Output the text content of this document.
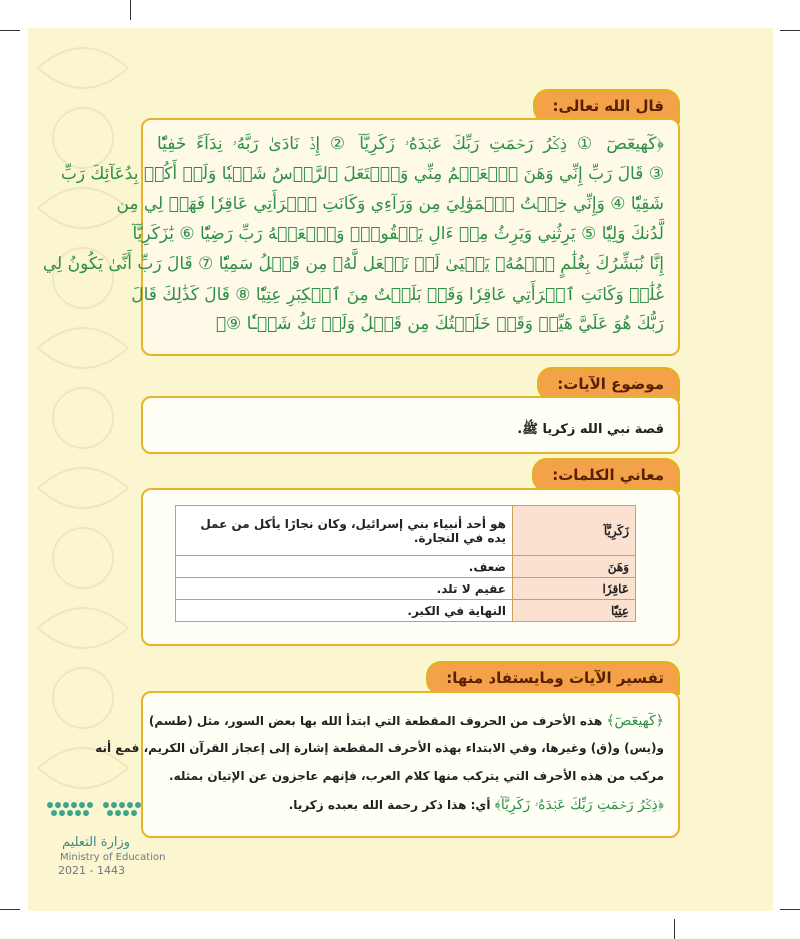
قال الله تعالى:
﴿كٓهيعٓصٓ ① ذِكۡرُ رَحۡمَتِ رَبِّكَ عَبۡدَهُۥ زَكَرِيَّآ ② إِذۡ نَادَىٰ رَبَّهُۥ نِدَآءً خَفِيّٗا
③ قَالَ رَبِّ إِنِّي وَهَنَ ٱلۡعَظۡمُ مِنِّي وَٱشۡتَعَلَ ٱلرَّأۡسُ شَيۡبٗا وَلَمۡ أَكُنۢ بِدُعَآئِكَ رَبِّ
شَقِيّٗا ④ وَإِنِّي خِفۡتُ ٱلۡمَوَٰلِيَ مِن وَرَآءِي وَكَانَتِ ٱمۡرَأَتِي عَاقِرٗا فَهَبۡ لِي مِن
لَّدُنكَ وَلِيّٗا ⑤ يَرِثُنِي وَيَرِثُ مِنۡ ءَالِ يَعۡقُوبَۖ وَٱجۡعَلۡهُ رَبِّ رَضِيّٗا ⑥ يَٰزَكَرِيَّآ
إِنَّا نُبَشِّرُكَ بِغُلَٰمٍ ٱسۡمُهُۥ يَحۡيَىٰ لَمۡ نَجۡعَل لَّهُۥ مِن قَبۡلُ سَمِيّٗا ⑦ قَالَ رَبِّ أَنَّىٰ يَكُونُ لِي
غُلَٰمٞ وَكَانَتِ ٱمۡرَأَتِي عَاقِرٗا وَقَدۡ بَلَغۡتُ مِنَ ٱلۡكِبَرِ عِتِيّٗا ⑧ قَالَ كَذَٰلِكَ قَالَ
رَبُّكَ هُوَ عَلَيَّ هَيِّنٞ وَقَدۡ خَلَقۡتُكَ مِن قَبۡلُ وَلَمۡ تَكُ شَيۡـٔٗا ⑨﴾
موضوع الآيات:
قصة نبي الله زكريا ﷺ.
معاني الكلمات:
زَكَرِيَّآ	هو أحد أنبياء بني إسرائيل، وكان نجارًا يأكل من عمل
يده في النجارة.

وَهَنَ	ضعف.
عَاقِرٗا	عقيم لا تلد.
عِتِيّٗا	النهاية في الكبر.
تفسير الآيات ومايستفاد منها:
﴿كٓهيعٓصٓ﴾ هذه الأحرف من الحروف المقطعة التي ابتدأ الله بها بعض السور، مثل (طسم)
و(يس) و(ق) وغيرها، وفي الابتداء بهذه الأحرف المقطعة إشارة إلى إعجاز القرآن الكريم، فمع أنه
مركب من هذه الأحرف التي يتركب منها كلام العرب، فإنهم عاجزون عن الإتيان بمثله.
﴿ذِكۡرُ رَحۡمَتِ رَبِّكَ عَبۡدَهُۥ زَكَرِيَّآ﴾ أي: هذا ذكر رحمة الله بعبده زكريا.
وزارة التعليم
Ministry of Education
2021 - 1443
